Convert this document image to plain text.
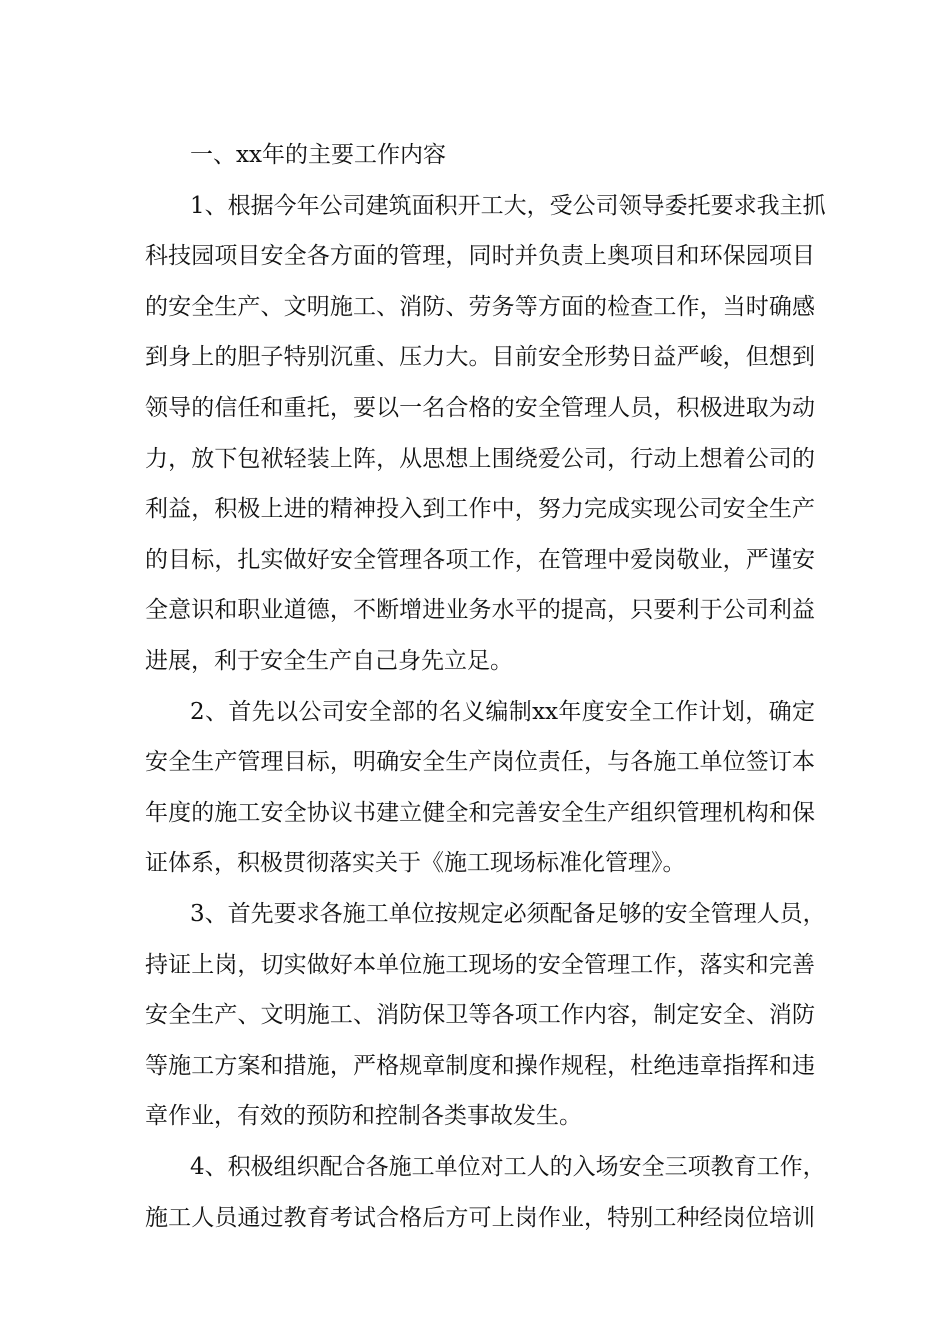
一、xx年的主要工作内容
1、根据今年公司建筑面积开工大，受公司领导委托要求我主抓
科技园项目安全各方面的管理，同时并负责上奥项目和环保园项目
的安全生产、文明施工、消防、劳务等方面的检查工作，当时确感
到身上的胆子特别沉重、压力大。目前安全形势日益严峻，但想到
领导的信任和重托，要以一名合格的安全管理人员，积极进取为动
力，放下包袱轻装上阵，从思想上围绕爱公司，行动上想着公司的
利益，积极上进的精神投入到工作中，努力完成实现公司安全生产
的目标，扎实做好安全管理各项工作，在管理中爱岗敬业，严谨安
全意识和职业道德，不断增进业务水平的提高，只要利于公司利益
进展，利于安全生产自己身先立足。
2、首先以公司安全部的名义编制xx年度安全工作计划，确定
安全生产管理目标，明确安全生产岗位责任，与各施工单位签订本
年度的施工安全协议书建立健全和完善安全生产组织管理机构和保
证体系，积极贯彻落实关于《施工现场标准化管理》。
3、首先要求各施工单位按规定必须配备足够的安全管理人员，
持证上岗，切实做好本单位施工现场的安全管理工作，落实和完善
安全生产、文明施工、消防保卫等各项工作内容，制定安全、消防
等施工方案和措施，严格规章制度和操作规程，杜绝违章指挥和违
章作业，有效的预防和控制各类事故发生。
4、积极组织配合各施工单位对工人的入场安全三项教育工作，
施工人员通过教育考试合格后方可上岗作业，特别工种经岗位培训
